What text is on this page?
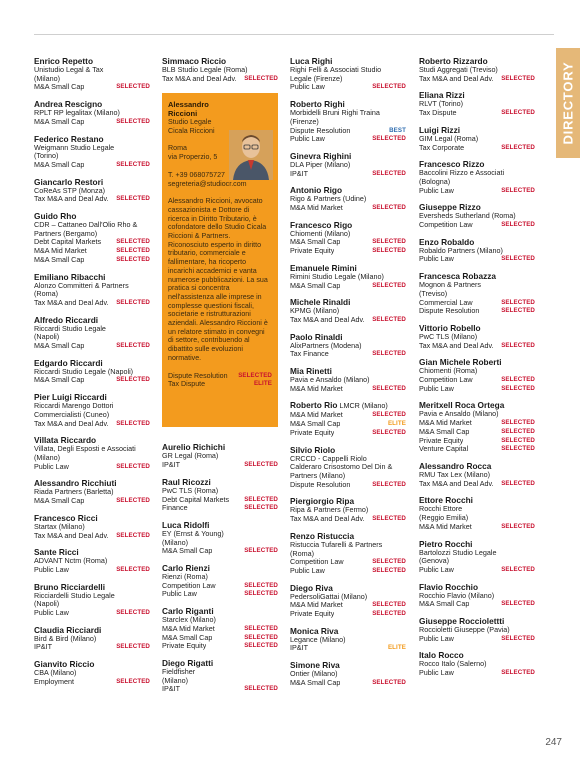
Enrico Repetto
Unistudio Legal & Tax
(Milano)
M&A Small Cap	SELECTED
Andrea Rescigno
RPLT RP legalitax (Milano)
M&A Small Cap	SELECTED
Federico Restano
Weigmann Studio Legale
(Torino)
M&A Small Cap	SELECTED
Giancarlo Restori
CoReAs STP (Monza)
Tax M&A and Deal Adv.	SELECTED
Guido Rho
CDR – Cattaneo Dall'Olio Rho &
Partners (Bergamo)
Debt Capital Markets	SELECTED
M&A Mid Market	SELECTED
M&A Small Cap	SELECTED
Emiliano Ribacchi
Alonzo Committeri & Partners
(Roma)
Tax M&A and Deal Adv.	SELECTED
Alfredo Riccardi
Riccardi Studio Legale
(Napoli)
M&A Small Cap	SELECTED
Edgardo Riccardi
Riccardi Studio Legale (Napoli)
M&A Small Cap	SELECTED
Pier Luigi Riccardi
Riccardi Marengo Dottori
Commercialisti (Cuneo)
Tax M&A and Deal Adv.	SELECTED
Villata Riccardo
Villata, Degli Esposti e Associati
(Milano)
Public Law	SELECTED
Alessandro Ricchiuti
Riada Partners (Barletta)
M&A Small Cap	SELECTED
Francesco Ricci
Startax (Milano)
Tax M&A and Deal Adv.	SELECTED
Sante Ricci
ADVANT Nctm (Roma)
Public Law	SELECTED
Bruno Ricciardelli
Ricciardelli Studio Legale
(Napoli)
Public Law	SELECTED
Claudia Ricciardi
Bird & Bird (Milano)
IP&IT	SELECTED
Gianvito Riccio
CBA (Milano)
Employment	SELECTED
Simmaco Riccio
BLB Studio Legale (Roma)
Tax M&A and Deal Adv.	SELECTED
Aurelio Richichi
GR Legal (Roma)
IP&IT	SELECTED
Raul Ricozzi
PwC TLS (Roma)
Debt Capital Markets	SELECTED
Finance	SELECTED
Luca Ridolfi
EY (Ernst & Young)
(Milano)
M&A Small Cap	SELECTED
Carlo Rienzi
Rienzi (Roma)
Competition Law	SELECTED
Public Law	SELECTED
Carlo Riganti
Starclex (Milano)
M&A Mid Market	SELECTED
M&A Small Cap	SELECTED
Private Equity	SELECTED
Diego Rigatti
Fieldfisher
(Milano)
IP&IT	SELECTED
Luca Righi
Righi Felli & Associati Studio
Legale (Firenze)
Public Law	SELECTED
Roberto Righi
Morbidelli Bruni Righi Traina
(Firenze)
Dispute Resolution	BEST
Public Law	SELECTED
Ginevra Righini
DLA Piper (Milano)
IP&IT	SELECTED
Antonio Rigo
Rigo & Partners (Udine)
M&A Mid Market	SELECTED
Francesco Rigo
Chiomenti (Milano)
M&A Small Cap	SELECTED
Private Equity	SELECTED
Emanuele Rimini
Rimini Studio Legale (Milano)
M&A Small Cap	SELECTED
Michele Rinaldi
KPMG (Milano)
Tax M&A and Deal Adv.	SELECTED
Paolo Rinaldi
AlixPartners (Modena)
Tax Finance	SELECTED
Mia Rinetti
Pavia e Ansaldo (Milano)
M&A Mid Market	SELECTED
Roberto Rio LMCR (Milano)
M&A Mid Market	SELECTED
M&A Small Cap	ELITE
Private Equity	SELECTED
Silvio Riolo
CRCCD - Cappelli Riolo
Calderaro Crisostomo Del Din &
Partners (Milano)
Dispute Resolution	SELECTED
Piergiorgio Ripa
Ripa & Partners (Fermo)
Tax M&A and Deal Adv.	SELECTED
Renzo Ristuccia
Ristuccia Tufarelli & Partners
(Roma)
Competition Law	SELECTED
Public Law	SELECTED
Diego Riva
PedersoliGattai (Milano)
M&A Mid Market	SELECTED
Private Equity	SELECTED
Monica Riva
Legance (Milano)
IP&IT	ELITE
Simone Riva
Ontier (Milano)
M&A Small Cap	SELECTED
Roberto Rizzardo
Studi Aggregati (Treviso)
Tax M&A and Deal Adv.	SELECTED
Eliana Rizzi
RLVT (Torino)
Tax Dispute	SELECTED
Luigi Rizzi
GIM Legal (Roma)
Tax Corporate	SELECTED
Francesco Rizzo
Baccolini Rizzo e Associati
(Bologna)
Public Law	SELECTED
Giuseppe Rizzo
Eversheds Sutherland (Roma)
Competition Law	SELECTED
Enzo Robaldo
Robaldo Partners (Milano)
Public Law	SELECTED
Francesca Robazza
Mognon & Partners
(Treviso)
Commercial Law	SELECTED
Dispute Resolution	SELECTED
Vittorio Robello
PwC TLS (Milano)
Tax M&A and Deal Adv.	SELECTED
Gian Michele Roberti
Chiomenti (Roma)
Competition Law	SELECTED
Public Law	SELECTED
Meritxell Roca Ortega
Pavia e Ansaldo (Milano)
M&A Mid Market	SELECTED
M&A Small Cap	SELECTED
Private Equity	SELECTED
Venture Capital	SELECTED
Alessandro Rocca
RMU Tax Lex (Milano)
Tax M&A and Deal Adv.	SELECTED
Ettore Rocchi
Rocchi Ettore
(Reggio Emilia)
M&A Mid Market	SELECTED
Pietro Rocchi
Bartolozzi Studio Legale
(Genova)
Public Law	SELECTED
Flavio Rocchio
Rocchio Flavio (Milano)
M&A Small Cap	SELECTED
Giuseppe Rocciolettti
Roccioletti Giuseppe (Pavia)
Public Law	SELECTED
Italo Rocco
Rocco Italo (Salerno)
Public Law	SELECTED
Alessandro
Riccioni
Studio Legale
Cicala Riccioni
Roma
via Properzio, 5
T. +39 068075727
segreteria@studiocr.com
Alessandro Riccioni, avvocato cassazionista e Dottore di ricerca in Diritto Tributario, è cofondatore dello Studio Cicala Riccioni & Partners. Riconosciuto esperto in diritto tributario, commerciale e fallimentare, ha ricoperto incarichi accademici e vanta numerose pubblicazioni. La sua pratica si concentra nell'assistenza alle imprese in complesse questioni fiscali, societarie e ristrutturazioni aziendali. Alessandro Riccioni è un relatore stimato in convegni di settore, contribuendo al dibattito sulle evoluzioni normative.
Dispute Resolution	SELECTED
Tax Dispute	ELITE
DIRECTORY
247
